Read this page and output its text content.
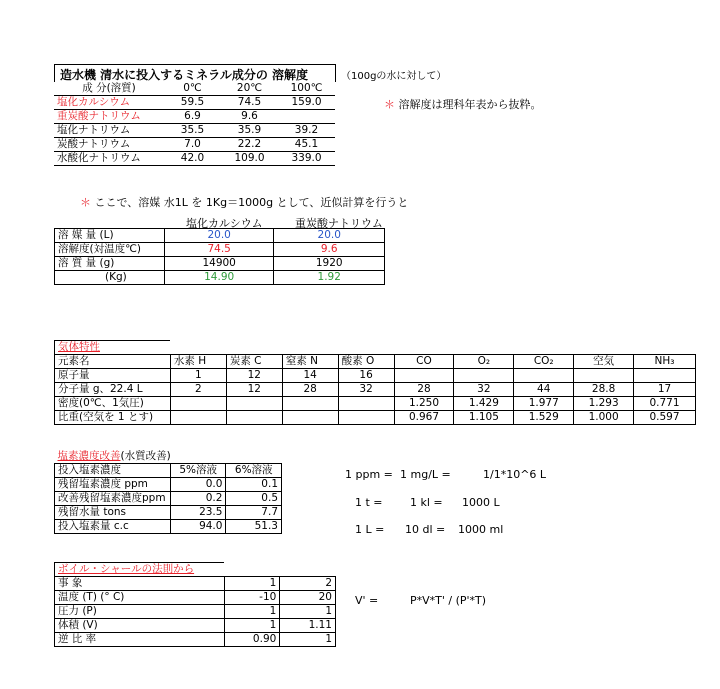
造水機 清水に投入するミネラル成分の 溶解度	（100gの水に対して）
成 分(溶質)	0℃	20℃	100℃
塩化カルシウム	59.5	74.5	159.0
重炭酸ナトリウム	6.9	9.6	
塩化ナトリウム	35.5	35.9	39.2
炭酸ナトリウム	7.0	22.2	45.1
水酸化ナトリウム	42.0	109.0	339.0
＊ 溶解度は理科年表から抜粋。
＊ ここで、溶媒 水1L を 1Kg＝1000g として、近似計算を行うと
塩化カルシウム	重炭酸ナトリウム
溶 媒 量 (L)	20.0	20.0
溶解度(対温度℃)	74.5	9.6
溶 質 量 (g)	14900	1920
(Kg)	14.90	1.92
気体特性									
元素名	水素 H	炭素 C	窒素 N	酸素 O	CO	O₂	CO₂	空気	NH₃
原子量	1	12	14	16					
分子量 g、22.4 L	2	12	28	32	28	32	44	28.8	17
密度(0℃、1気圧)					1.250	1.429	1.977	1.293	0.771
比重(空気を 1 とす)					0.967	1.105	1.529	1.000	0.597
塩素濃度改善(水質改善)		
投入塩素濃度	5%溶液	6%溶液
残留塩素濃度 ppm	0.0	0.1
改善残留塩素濃度ppm	0.2	0.5
残留水量 tons	23.5	7.7
投入塩素量 c.c	94.0	51.3
1 ppm = 1 mg/L =	1/1*10^6 L
1 t = 1 kl = 1000 L
1 L = 10 dl = 1000 ml
ボイル・シャールの法則から		
事 象	1	2
温度 (T) (° C)	-10	20
圧力 (P)	1	1
体積 (V)	1	1.11
逆 比 率	0.90	1
V' =	P*V*T' / (P'*T)
